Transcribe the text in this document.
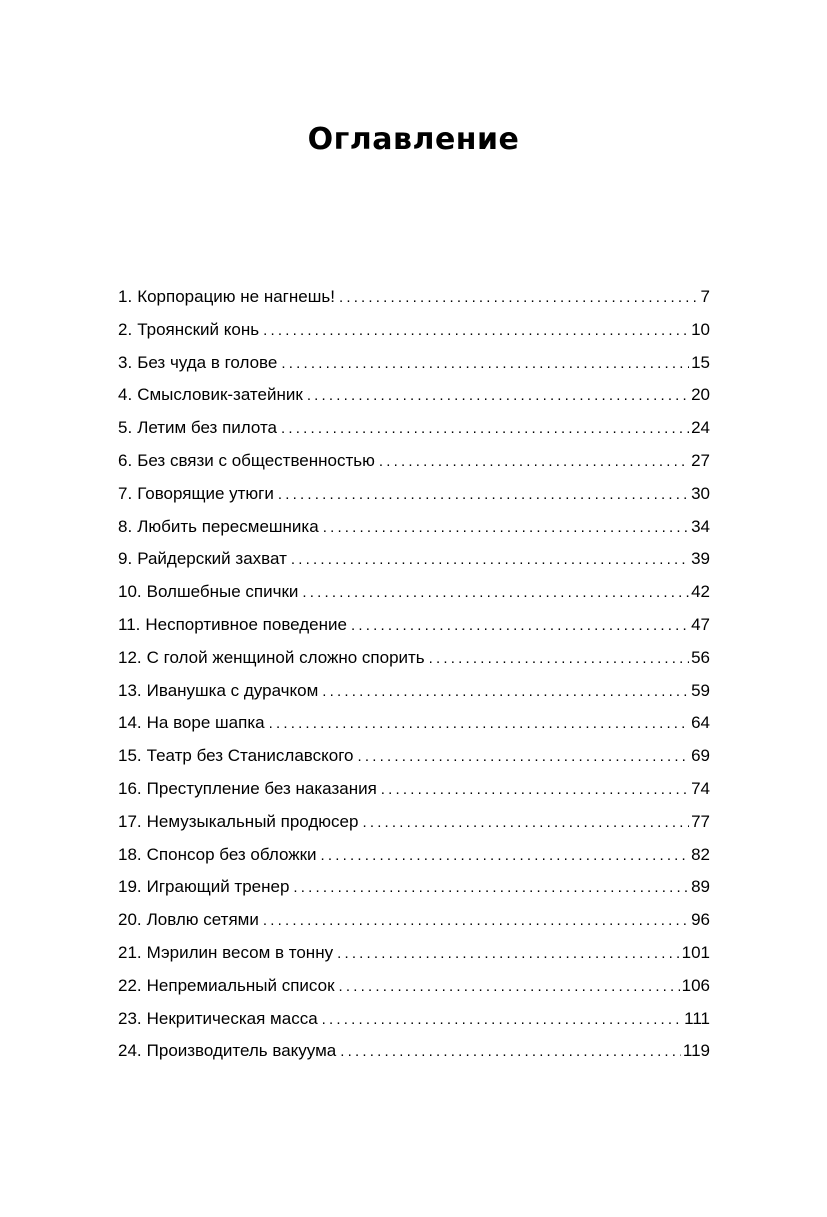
Оглавление
1. Корпорацию не нагнешь! .....	7
2. Троянский конь .....	10
3. Без чуда в голове .....	15
4. Смысловик-затейник .....	20
5. Летим без пилота .....	24
6. Без связи с общественностью .....	27
7. Говорящие утюги .....	30
8. Любить пересмешника .....	34
9. Райдерский захват .....	39
10. Волшебные спички .....	42
11. Неспортивное поведение .....	47
12. С голой женщиной сложно спорить .....	56
13. Иванушка с дурачком .....	59
14. На воре шапка .....	64
15. Театр без Станиславского .....	69
16. Преступление без наказания .....	74
17. Немузыкальный продюсер .....	77
18. Спонсор без обложки .....	82
19. Играющий тренер .....	89
20. Ловлю сетями .....	96
21. Мэрилин весом в тонну .....	101
22. Непремиальный список .....	106
23. Некритическая масса .....	111
24. Производитель вакуума .....	119
